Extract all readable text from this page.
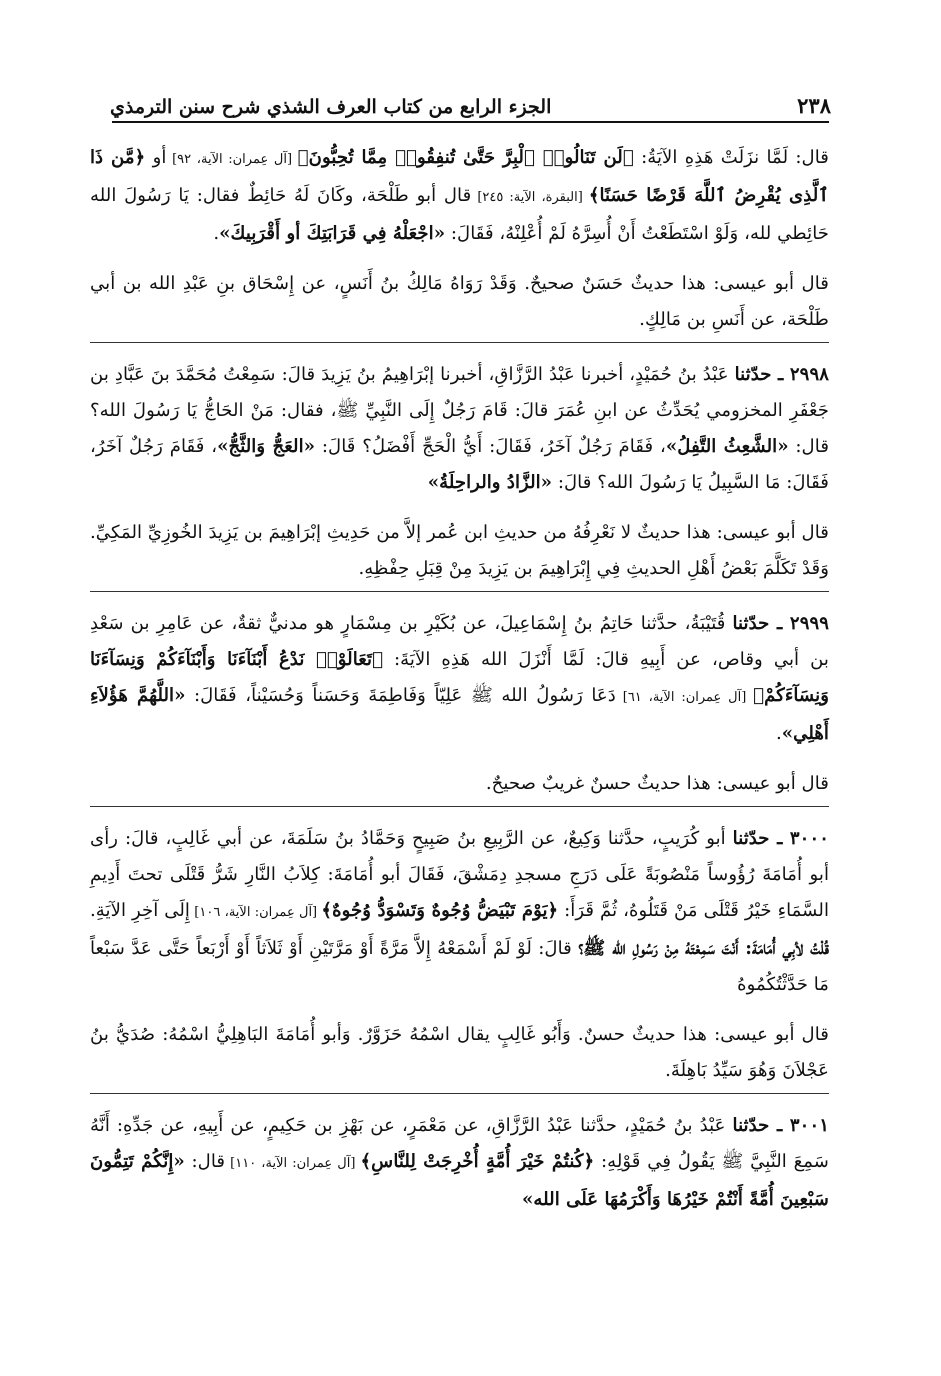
٢٣٨
الجزء الرابع من كتاب العرف الشذي شرح سنن الترمذي

قال: لَمَّا نزَلَتْ هَذِهِ الآيَةُ: ﴿لَن تَنَالُوا۟ ٱلْبِرَّ حَتَّىٰ تُنفِقُوا۟ مِمَّا تُحِبُّونَ﴾ [آل عِمران: الآية، ٩٢] أو ﴿مَّن ذَا ٱلَّذِى يُقْرِضُ ٱللَّهَ قَرْضًا حَسَنًا﴾ [البقرة، الآية: ٢٤٥] قال أبو طَلْحَة، وكَانَ لَهُ حَائِطٌ فقال: يَا رَسُولَ الله حَائِطي لله، وَلَوْ اسْتَطَعْتُ أَنْ أُسِرَّهُ لَمْ أُعْلِنْهُ، فَقَالَ: «اجْعَلْهُ فِي قَرَابَتِكَ أو أَقْرَبِيكَ».

قال أبو عيسى: هذا حديثٌ حَسَنٌ صحيحٌ. وَقَدْ رَوَاهُ مَالِكُ بنُ أَنَسٍ، عن إِسْحَاق بنِ عَبْدِ الله بن أبي طَلْحَة، عن أَنَسِ بن مَالِكٍ.

٢٩٩٨ ـ حدّثنا عَبْدُ بنُ حُمَيْدٍ، أخبرنا عَبْدُ الرَّزَّاقِ، أخبرنا إبْرَاهِيمُ بنُ يَزِيدَ قالَ: سَمِعْتُ مُحَمَّدَ بنَ عَبَّادِ بن جَعْفَرِ المخزومي يُحَدِّثُ عن ابنِ عُمَرَ قالَ: قَامَ رَجُلٌ إِلَى النَّبِيِّ ﷺ، فقال: مَنْ الحَاجُّ يَا رَسُولَ الله؟ قال: «الشَّعِثُ التَّفِلُ»، فَقَامَ رَجُلٌ آخَرُ، فَقَالَ: أَيُّ الْحَجِّ أَفْضَلُ؟ قَالَ: «العَجُّ وَالثَّجُّ»، فَقَامَ رَجُلٌ آخَرُ، فَقَالَ: مَا السَّبِيلُ يَا رَسُولَ الله؟ قالَ: «الزَّادُ والراحِلَةُ»

قال أبو عيسى: هذا حديثٌ لا نَعْرِفُهُ من حديثِ ابن عُمر إلاَّ من حَدِيثِ إبْرَاهِيمَ بن يَزِيدَ الخُوزِيِّ المَكِيِّ. وَقَدْ تَكَلَّمَ بَعْضُ أَهْلِ الحديثِ فِي إِبْرَاهِيمَ بن يَزِيدَ مِنْ قِبَلِ حِفْظِهِ.

٢٩٩٩ ـ حدّثنا قُتَيْبَةُ، حدَّثنا حَاتِمُ بنُ إِسْمَاعِيلَ، عن بُكَيْرِ بن مِسْمَارٍ هو مدنيٌّ ثقةٌ، عن عَامِرِ بن سَعْدِ بن أبي وقاص، عن أَبِيهِ قالَ: لَمَّا أَنْزَلَ الله هَذِهِ الآيَةَ: ﴿تَعَالَوْا۟ نَدْعُ أَبْنَآءَنَا وَأَبْنَآءَكُمْ وَنِسَآءَنَا وَنِسَآءَكُمْ﴾ [آل عِمران: الآية، ٦١] دَعَا رَسُولُ الله ﷺ عَلِيّاً وَفَاطِمَةَ وَحَسَناً وَحُسَيْناً، فَقَالَ: «اللَّهُمَّ هَؤُلاَءِ أَهْلِي».

قال أبو عيسى: هذا حديثٌ حسنٌ غريبٌ صحيحٌ.

٣٠٠٠ ـ حدّثنا أبو كُرَيبٍ، حدَّثنا وَكِيعٌ، عن الرَّبِيعِ بنُ صَبِيحٍ وَحَمَّادُ بنُ سَلَمَةَ، عن أبي غَالِبٍ، قالَ: رأى أبو أُمَامَةَ رُؤُوساً مَنْصُوبَةً عَلَى دَرَجِ مسجدِ دِمَشْقَ، فَقَالَ أبو أُمَامَةَ: كِلاَبُ النَّارِ شَرُّ قَتْلَى تحتَ أَدِيمِ السَّمَاءِ خَيْرُ قَتْلَى مَنْ قَتَلُوهُ، ثُمَّ قَرَأَ: ﴿يَوْمَ تَبْيَضُّ وُجُوهٌ وَتَسْوَدُّ وُجُوهٌ﴾ [آل عِمران: الآية، ١٠٦] إِلَى آخِرِ الآيَةِ. قُلْتُ لأبِي أُمَامَةَ: أَنْتَ سَمِعْتَهُ مِنْ رَسُولِ الله ﷺ؟ قالَ: لَوْ لَمْ أَسْمَعْهُ إِلاَّ مَرَّةً أَوْ مَرَّتَيْنِ أَوْ ثَلاَثاً أَوْ أَرْبَعاً حَتَّى عَدَّ سَبْعاً مَا حَدَّثْتُكُمُوهُ

قال أبو عيسى: هذا حديثٌ حسنٌ. وَأَبُو غَالِبٍ يقال اسْمُهُ حَزَوَّرٌ. وَأبو أُمَامَةَ البَاهِلِيُّ اسْمُهُ: صُدَيُّ بنُ عَجْلاَنَ وَهُوَ سَيِّدُ بَاهِلَةَ.

٣٠٠١ ـ حدّثنا عَبْدُ بنُ حُمَيْدٍ، حدَّثنا عَبْدُ الرَّزَّاقِ، عن مَعْمَرٍ، عن بَهْزِ بن حَكِيمٍ، عن أَبِيهِ، عن جَدِّهِ: أَنَّهُ سَمِعَ النَّبِيَّ ﷺ يَقُولُ فِي قَوْلِهِ: ﴿كُنتُمْ خَيْرَ أُمَّةٍ أُخْرِجَتْ لِلنَّاسِ﴾ [آل عِمران: الآية، ١١٠] قال: «إِنَّكُمْ تَتِمُّونَ سَبْعِينَ أُمَّةً أَنْتُمْ خَيْرُهَا وَأَكْرَمُهَا عَلَى الله»
